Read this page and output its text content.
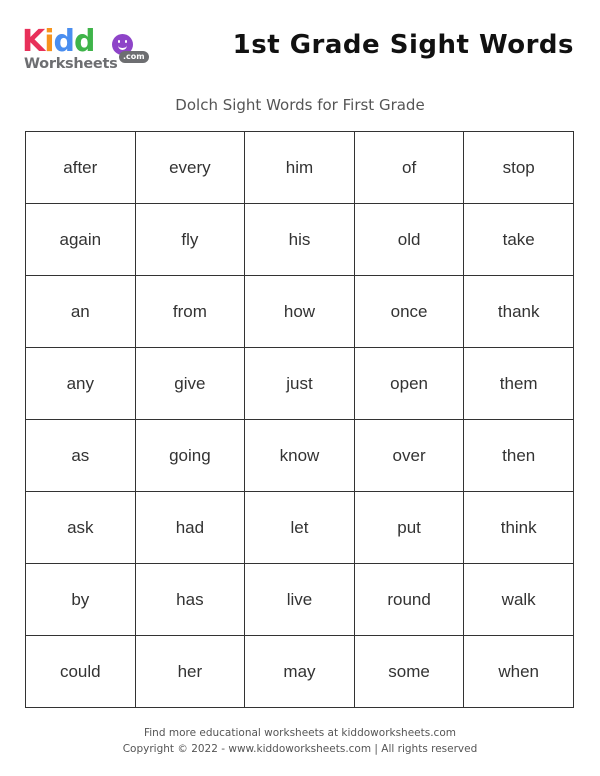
Kidd
Worksheets .com	1st Grade Sight Words
Dolch Sight Words for First Grade
after	every	him	of	stop
again	fly	his	old	take
an	from	how	once	thank
any	give	just	open	them
as	going	know	over	then
ask	had	let	put	think
by	has	live	round	walk
could	her	may	some	when
Find more educational worksheets at kiddoworksheets.com
Copyright © 2022 - www.kiddoworksheets.com | All rights reserved
